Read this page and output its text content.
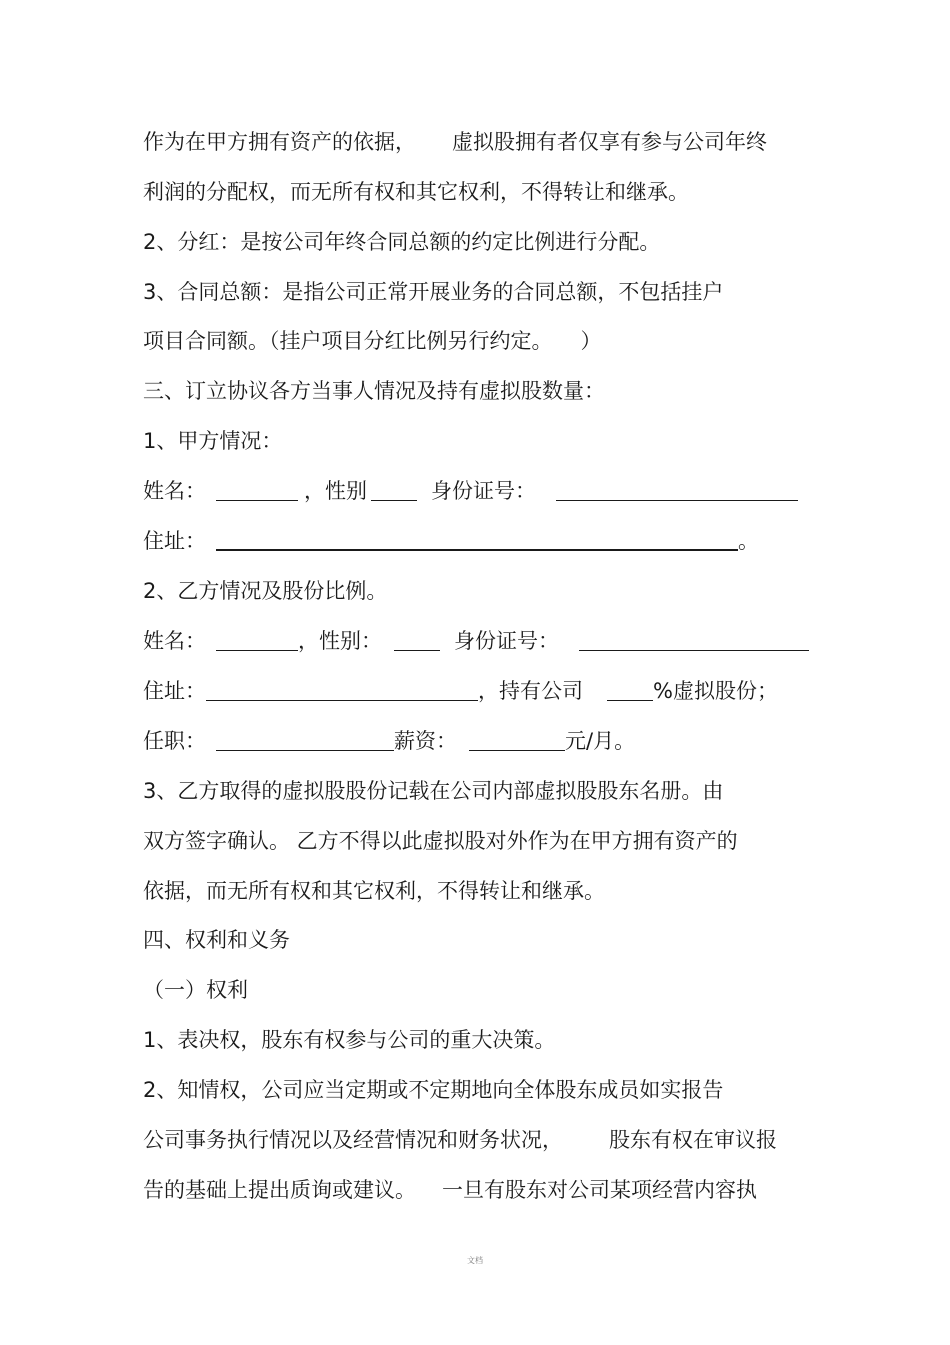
作为在甲方拥有资产的依据， 虚拟股拥有者仅享有参与公司年终
利润的分配权，而无所有权和其它权利，不得转让和继承。
2、分红：是按公司年终合同总额的约定比例进行分配。
3、合同总额：是指公司正常开展业务的合同总额，不包括挂户
项目合同额。（挂户项目分红比例另行约定。 ）
三、订立协议各方当事人情况及持有虚拟股数量：
1、甲方情况：
姓名：	，性别	身份证号：
住址：	。
2、乙方情况及股份比例。
姓名：	，性别：	身份证号：
住址：	，持有公司	%虚拟股份；
任职：	薪资：	元/月。
3、乙方取得的虚拟股股份记载在公司内部虚拟股股东名册。由
双方签字确认。 乙方不得以此虚拟股对外作为在甲方拥有资产的
依据，而无所有权和其它权利，不得转让和继承。
四、权利和义务
（一）权利
1、表决权，股东有权参与公司的重大决策。
2、知情权，公司应当定期或不定期地向全体股东成员如实报告
公司事务执行情况以及经营情况和财务状况， 股东有权在审议报
告的基础上提出质询或建议。 一旦有股东对公司某项经营内容执
文档
